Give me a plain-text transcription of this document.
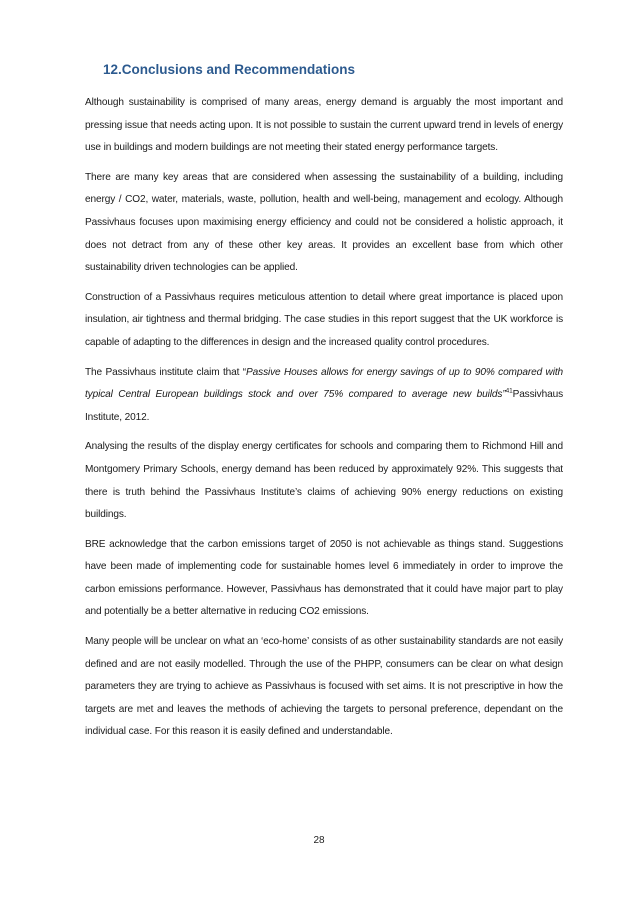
12.Conclusions and Recommendations

Although sustainability is comprised of many areas, energy demand is arguably the most important and pressing issue that needs acting upon. It is not possible to sustain the current upward trend in levels of energy use in buildings and modern buildings are not meeting their stated energy performance targets.

There are many key areas that are considered when assessing the sustainability of a building, including energy / CO2, water, materials, waste, pollution, health and well-being, management and ecology. Although Passivhaus focuses upon maximising energy efficiency and could not be considered a holistic approach, it does not detract from any of these other key areas. It provides an excellent base from which other sustainability driven technologies can be applied.

Construction of a Passivhaus requires meticulous attention to detail where great importance is placed upon insulation, air tightness and thermal bridging. The case studies in this report suggest that the UK workforce is capable of adapting to the differences in design and the increased quality control procedures.

The Passivhaus institute claim that “Passive Houses allows for energy savings of up to 90% compared with typical Central European buildings stock and over 75% compared to average new builds”$^{41}$Passivhaus Institute, 2012.

Analysing the results of the display energy certificates for schools and comparing them to Richmond Hill and Montgomery Primary Schools, energy demand has been reduced by approximately 92%. This suggests that there is truth behind the Passivhaus Institute’s claims of achieving 90% energy reductions on existing buildings.

BRE acknowledge that the carbon emissions target of 2050 is not achievable as things stand. Suggestions have been made of implementing code for sustainable homes level 6 immediately in order to improve the carbon emissions performance. However, Passivhaus has demonstrated that it could have major part to play and potentially be a better alternative in reducing CO2 emissions.

Many people will be unclear on what an ‘eco-home’ consists of as other sustainability standards are not easily defined and are not easily modelled. Through the use of the PHPP, consumers can be clear on what design parameters they are trying to achieve as Passivhaus is focused with set aims. It is not prescriptive in how the targets are met and leaves the methods of achieving the targets to personal preference, dependant on the individual case. For this reason it is easily defined and understandable.

28
